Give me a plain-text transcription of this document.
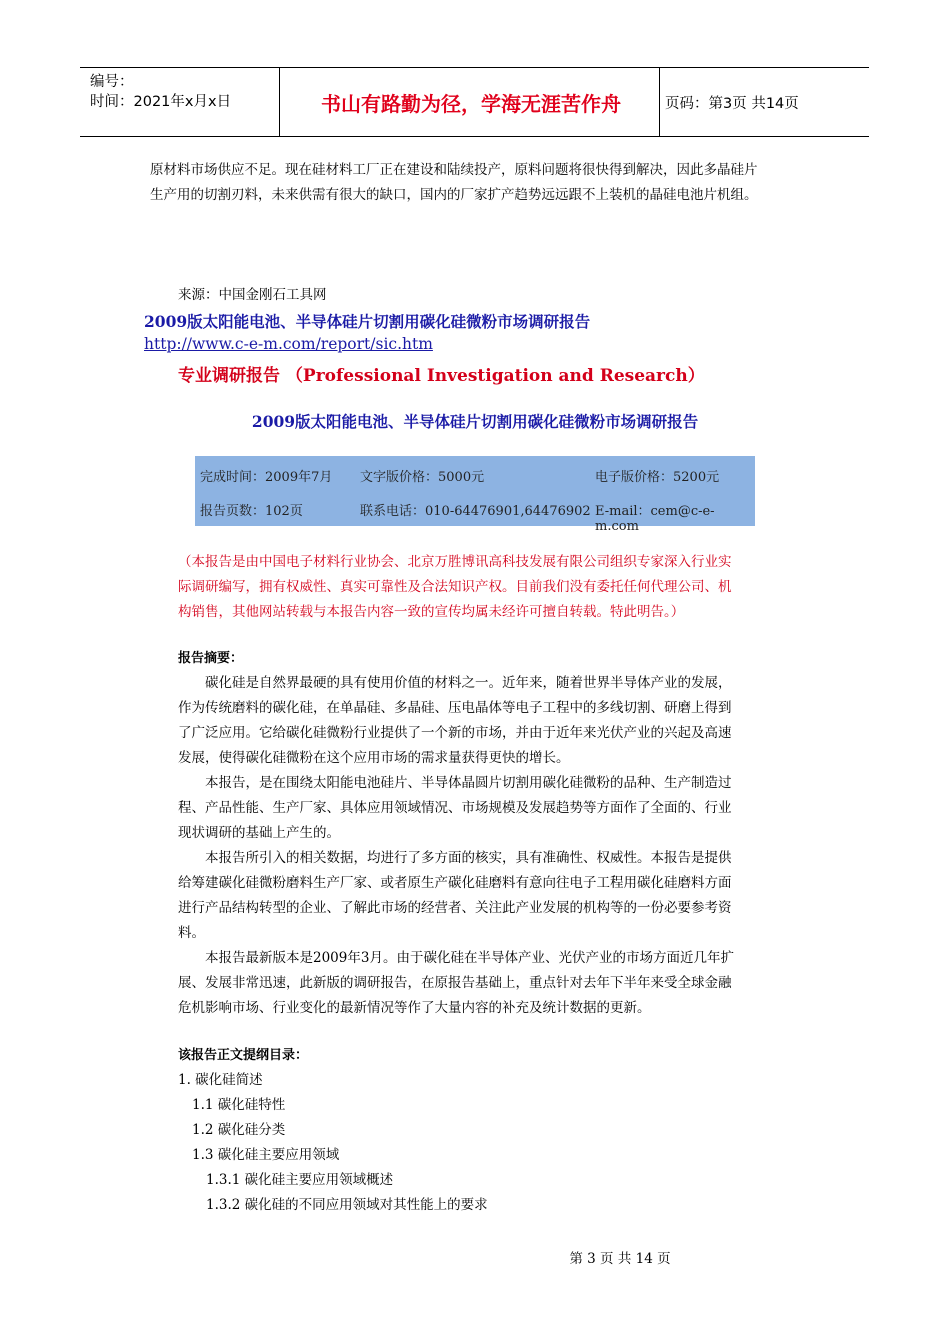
编号：
时间：2021年x月x日	书山有路勤为径，学海无涯苦作舟	页码：第3页 共14页
原材料市场供应不足。现在硅材料工厂正在建设和陆续投产，原料问题将很快得到解决，因此多晶硅片
生产用的切割刃料，未来供需有很大的缺口，国内的厂家扩产趋势远远跟不上装机的晶硅电池片机组。
来源：中国金刚石工具网
2009版太阳能电池、半导体硅片切割用碳化硅微粉市场调研报告
http://www.c-e-m.com/report/sic.htm
专业调研报告 （Professional Investigation and Research）
2009版太阳能电池、半导体硅片切割用碳化硅微粉市场调研报告
完成时间：2009年7月 文字版价格：5000元	电子版价格：5200元
报告页数：102页	联系电话：010-64476901,64476902 E-mail：cem@c-e-m.com
（本报告是由中国电子材料行业协会、北京万胜博讯高科技发展有限公司组织专家深入行业实
际调研编写，拥有权威性、真实可靠性及合法知识产权。目前我们没有委托任何代理公司、机
构销售，其他网站转载与本报告内容一致的宣传均属未经许可擅自转载。特此明告。）
报告摘要：
碳化硅是自然界最硬的具有使用价值的材料之一。近年来，随着世界半导体产业的发展，
作为传统磨料的碳化硅，在单晶硅、多晶硅、压电晶体等电子工程中的多线切割、研磨上得到
了广泛应用。它给碳化硅微粉行业提供了一个新的市场，并由于近年来光伏产业的兴起及高速
发展，使得碳化硅微粉在这个应用市场的需求量获得更快的增长。
本报告，是在围绕太阳能电池硅片、半导体晶圆片切割用碳化硅微粉的品种、生产制造过
程、产品性能、生产厂家、具体应用领域情况、市场规模及发展趋势等方面作了全面的、行业
现状调研的基础上产生的。
本报告所引入的相关数据，均进行了多方面的核实，具有准确性、权威性。本报告是提供
给筹建碳化硅微粉磨料生产厂家、或者原生产碳化硅磨料有意向往电子工程用碳化硅磨料方面
进行产品结构转型的企业、了解此市场的经营者、关注此产业发展的机构等的一份必要参考资
料。
本报告最新版本是2009年3月。由于碳化硅在半导体产业、光伏产业的市场方面近几年扩
展、发展非常迅速，此新版的调研报告，在原报告基础上，重点针对去年下半年来受全球金融
危机影响市场、行业变化的最新情况等作了大量内容的补充及统计数据的更新。
该报告正文提纲目录：
1. 碳化硅简述
1.1 碳化硅特性
1.2 碳化硅分类
1.3 碳化硅主要应用领域
1.3.1 碳化硅主要应用领域概述
1.3.2 碳化硅的不同应用领域对其性能上的要求
第 3 页 共 14 页
